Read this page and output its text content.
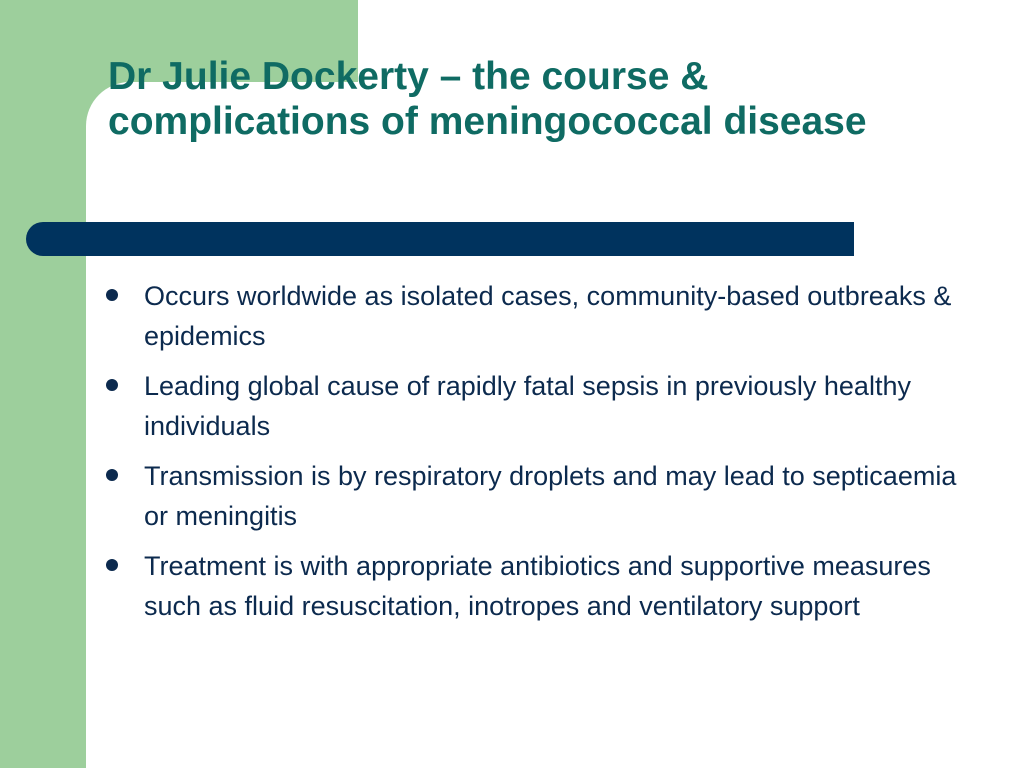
Dr Julie Dockerty – the course & complications of meningococcal disease
Occurs worldwide as isolated cases, community-based outbreaks & epidemics
Leading global cause of rapidly fatal sepsis in previously healthy individuals
Transmission is by respiratory droplets and may lead to septicaemia or meningitis
Treatment is with appropriate antibiotics and supportive measures such as fluid resuscitation, inotropes and ventilatory support
